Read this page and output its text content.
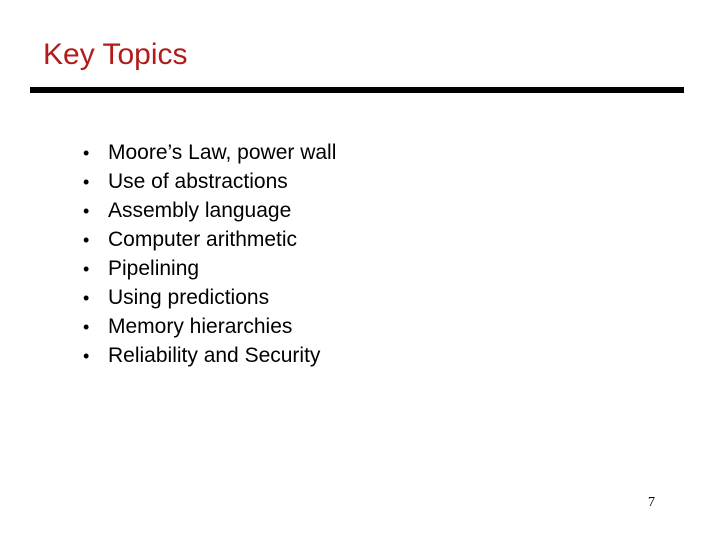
Key Topics
• Moore’s Law, power wall
• Use of abstractions
• Assembly language
• Computer arithmetic
• Pipelining
• Using predictions
• Memory hierarchies
• Reliability and Security
7
